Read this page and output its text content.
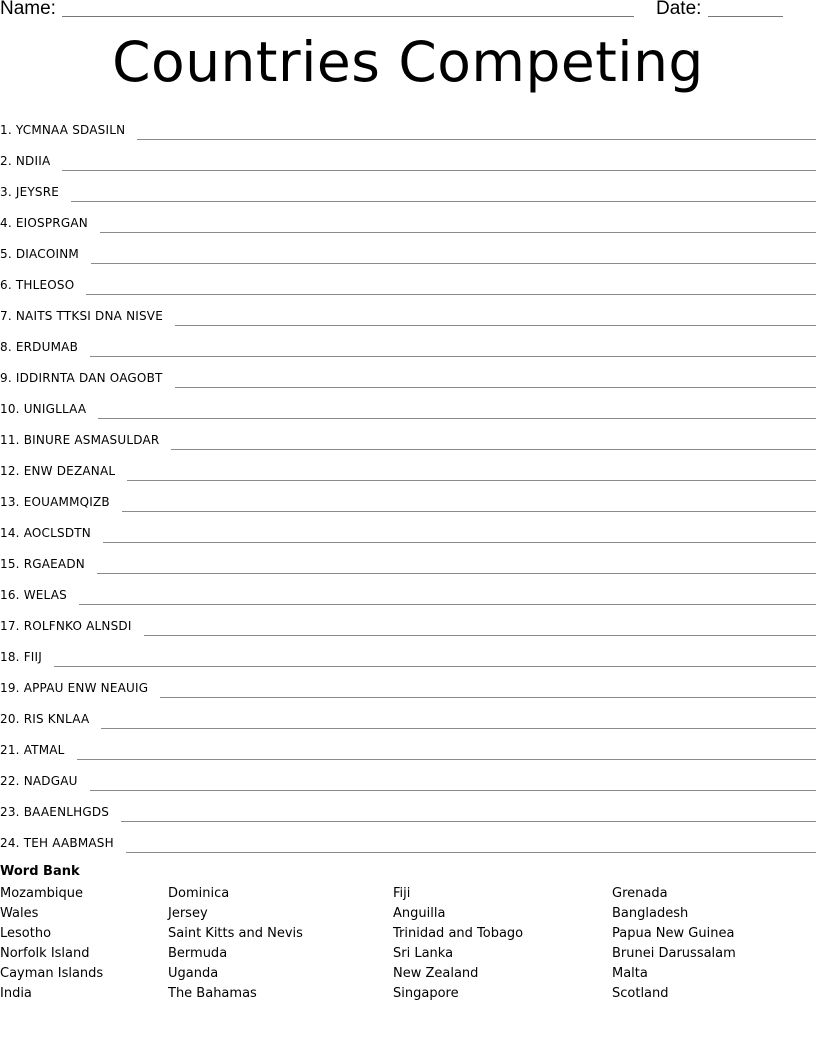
Name:	Date:
Countries Competing
1. YCMNAA SDASILN
2. NDIIA
3. JEYSRE
4. EIOSPRGAN
5. DIACOINM
6. THLEOSO
7. NAITS TTKSI DNA NISVE
8. ERDUMAB
9. IDDIRNTA DAN OAGOBT
10. UNIGLLAA
11. BINURE ASMASULDAR
12. ENW DEZANAL
13. EOUAMMQIZB
14. AOCLSDTN
15. RGAEADN
16. WELAS
17. ROLFNKO ALNSDI
18. FIIJ
19. APPAU ENW NEAUIG
20. RIS KNLAA
21. ATMAL
22. NADGAU
23. BAAENLHGDS
24. TEH AABMASH
Word Bank
Mozambique
Wales
Lesotho
Norfolk Island
Cayman Islands
India
Dominica
Jersey
Saint Kitts and Nevis
Bermuda
Uganda
The Bahamas
Fiji
Anguilla
Trinidad and Tobago
Sri Lanka
New Zealand
Singapore
Grenada
Bangladesh
Papua New Guinea
Brunei Darussalam
Malta
Scotland
